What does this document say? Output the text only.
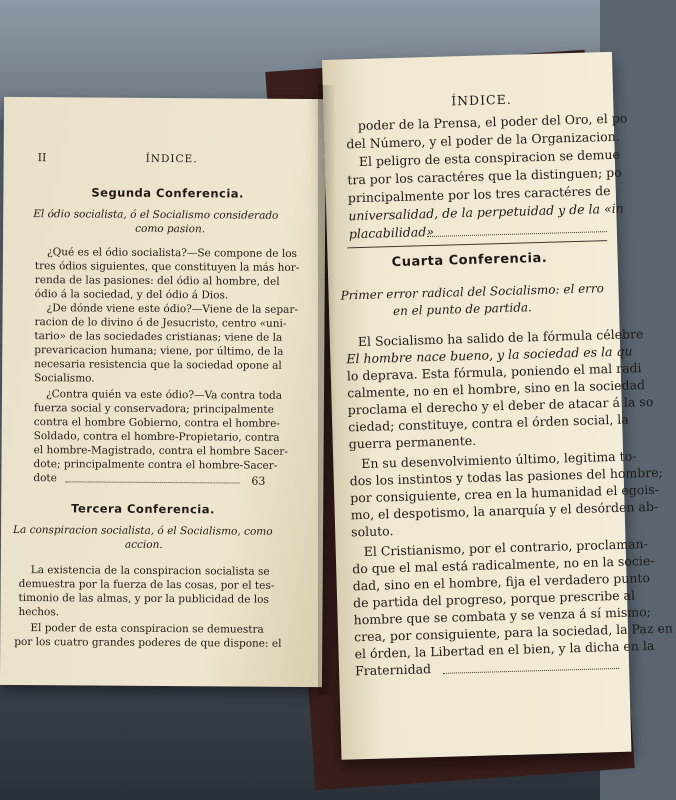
II	ÍNDICE.
Segunda Conferencia.
El ódio socialista, ó el Socialismo considerado
como pasion.
¿Qué es el ódio socialista?—Se compone de los
tres ódios siguientes, que constituyen la más hor-
renda de las pasiones: del ódio al hombre, del
ódio á la sociedad, y del ódio á Dios.
¿De dónde viene este ódio?—Viene de la separ-
racion de lo divino ó de Jesucristo, centro «uni-
tario» de las sociedades cristianas; viene de la
prevaricacion humana; viene, por último, de la
necesaria resistencia que la sociedad opone al
Socialismo.
¿Contra quién va este ódio?—Va contra toda
fuerza social y conservadora; principalmente
contra el hombre Gobierno, contra el hombre-
Soldado, contra el hombre-Propietario, contra
el hombre-Magistrado, contra el hombre Sacer-
dote; principalmente contra el hombre-Sacer-
dote	63
Tercera Conferencia.
La conspiracion socialista, ó el Socialismo, como
accion.
La existencia de la conspiracion socialista se
demuestra por la fuerza de las cosas, por el tes-
timonio de las almas, y por la publicidad de los
hechos.
El poder de esta conspiracion se demuestra
por los cuatro grandes poderes de que dispone: el
ÍNDICE.
poder de la Prensa, el poder del Oro, el po
del Número, y el poder de la Organizacion.
El peligro de esta conspiracion se demue
tra por los caractéres que la distinguen; po
principalmente por los tres caractéres de
universalidad, de la perpetuidad y de la «in
placabilidad»
Cuarta Conferencia.
Primer error radical del Socialismo: el erro
en el punto de partida.
El Socialismo ha salido de la fórmula célebre
El hombre nace bueno, y la sociedad es la qu
lo deprava. Esta fórmula, poniendo el mal radi
calmente, no en el hombre, sino en la sociedad
proclama el derecho y el deber de atacar á la so
ciedad; constituye, contra el órden social, la
guerra permanente.
En su desenvolvimiento último, legitima to-
dos los instintos y todas las pasiones del hombre;
por consiguiente, crea en la humanidad el egois-
mo, el despotismo, la anarquía y el desórden ab-
soluto.
El Cristianismo, por el contrario, proclaman-
do que el mal está radicalmente, no en la socie-
dad, sino en el hombre, fija el verdadero punto
de partida del progreso, porque prescribe al
hombre que se combata y se venza á sí mismo;
crea, por consiguiente, para la sociedad, la Paz en
el órden, la Libertad en el bien, y la dicha en la
Fraternidad
